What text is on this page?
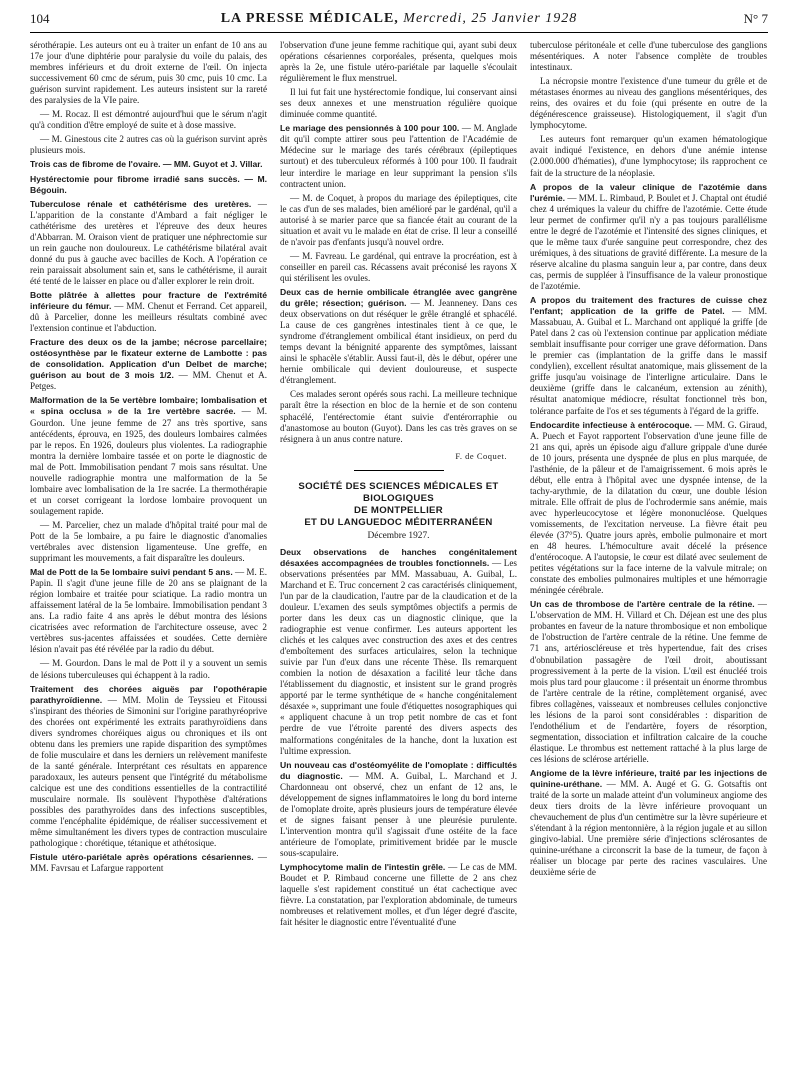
104	LA PRESSE MÉDICALE, Mercredi, 25 Janvier 1928	N° 7

sérothérapie. Les auteurs ont eu à traiter un enfant de 10 ans au 17e jour d'une diphtérie pour paralysie du voile du palais, des membres inférieurs et du droit externe de l'œil. On injecta successivement 60 cmc de sérum, puis 30 cmc, puis 10 cmc. La guérison survint rapidement. Les auteurs insistent sur la rareté des paralysies de la VIe paire.

— M. Rocaz. Il est démontré aujourd'hui que le sérum n'agit qu'à condition d'être employé de suite et à dose massive.

— M. Ginestous cite 2 autres cas où la guérison survint après plusieurs mois.

Trois cas de fibrome de l'ovaire. — MM. Guyot et J. Villar.

Hystérectomie pour fibrome irradié sans succès. — M. Bégouin.

Tuberculose rénale et cathétérisme des uretères. — L'apparition de la constante d'Ambard a fait négliger le cathétérisme des uretères et l'épreuve des deux heures d'Abbarran. M. Oraison vient de pratiquer une néphrectomie sur un rein gauche non douloureux. Le cathétérisme bilatéral avait donné du pus à gauche avec bacilles de Koch. A l'opération ce rein paraissait absolument sain et, sans le cathétérisme, il aurait été tenté de le laisser en place ou d'aller explorer le rein droit.

Botte plâtrée à allettes pour fracture de l'extrémité inférieure du fémur. — MM. Chenut et Ferrand. Cet appareil, dû à Parcelier, donne les meilleurs résultats combiné avec l'extension continue et l'abduction.

Fracture des deux os de la jambe; nécrose parcellaire; ostéosynthèse par le fixateur externe de Lambotte : pas de consolidation. Application d'un Delbet de marche; guérison au bout de 3 mois 1/2. — MM. Chenut et A. Petges.

Malformation de la 5e vertèbre lombaire; lombalisation et « spina occlusa » de la 1re vertèbre sacrée. — M. Gourdon. Une jeune femme de 27 ans très sportive, sans antécédents, éprouva, en 1925, des douleurs lombaires calmées par le repos. En 1926, douleurs plus violentes. La radiographie montra la dernière lombaire tassée et on porte le diagnostic de mal de Pott. Immobilisation pendant 7 mois sans résultat. Une nouvelle radiographie montra une malformation de la 5e lombaire avec lombalisation de la 1re sacrée. La thermothérapie et un corset corrigeant la lordose lombaire provoquent un soulagement rapide.

— M. Parcelier, chez un malade d'hôpital traité pour mal de Pott de la 5e lombaire, a pu faire le diagnostic d'anomalies vertébrales avec distension ligamenteuse. Une greffe, en supprimant les mouvements, a fait disparaître les douleurs.

Mal de Pott de la 5e lombaire suivi pendant 5 ans. — M. E. Papin. Il s'agit d'une jeune fille de 20 ans se plaignant de la région lombaire et traitée pour sciatique. La radio montra un affaissement latéral de la 5e lombaire. Immobilisation pendant 3 ans. La radio faite 4 ans après le début montra des lésions cicatrisées avec reformation de l'architecture osseuse, avec 2 vertèbres sus-jacentes affaissées et soudées. Cette dernière lésion n'avait pas été révélée par la radio du début.

— M. Gourdon. Dans le mal de Pott il y a souvent un semis de lésions tuberculeuses qui échappent à la radio.

Traitement des chorées aiguës par l'opothérapie parathyroïdienne. — MM. Molin de Teyssieu et Fitoussi s'inspirant des théories de Simonini sur l'origine parathyréoprive des chorées ont expérimenté les extraits parathyroïdiens dans divers syndromes choréiques aigus ou chroniques et ils ont obtenu dans les premiers une rapide disparition des symptômes de folie musculaire et dans les derniers un relèvement manifeste de la santé générale. Interprétant ces résultats en apparence paradoxaux, les auteurs pensent que l'intégrité du métabolisme calcique est une des conditions essentielles de la contractilité musculaire normale. Ils soulèvent l'hypothèse d'altérations possibles des parathyroïdes dans des infections susceptibles, comme l'encéphalite épidémique, de réaliser successivement et même simultanément les divers types de contraction musculaire pathologique : chorétique, tétanique et athétosique.

Fistule utéro-pariétale après opérations césariennes. — MM. Favrsau et Lafargue rapportent

l'observation d'une jeune femme rachitique qui, ayant subi deux opérations césariennes corporéales, présenta, quelques mois après la 2e, une fistule utéro-pariétale par laquelle s'écoulait régulièrement le flux menstruel.

Il lui fut fait une hystérectomie fondique, lui conservant ainsi ses deux annexes et une menstruation régulière quoique diminuée comme quantité.

Le mariage des pensionnés à 100 pour 100. — M. Anglade dit qu'il compte attirer sous peu l'attention de l'Académie de Médecine sur le mariage des tarés cérébraux (épileptiques surtout) et des tuberculeux réformés à 100 pour 100. Il faudrait leur interdire le mariage en leur supprimant la pension s'ils contractent union.

— M. de Coquet, à propos du mariage des épileptiques, cite le cas d'un de ses malades, bien amélioré par le gardénal, qu'il a autorisé à se marier parce que sa fiancée était au courant de la situation et avait vu le malade en état de crise. Il leur a conseillé de n'avoir pas d'enfants jusqu'à nouvel ordre.

— M. Favreau. Le gardénal, qui entrave la procréation, est à conseiller en pareil cas. Récassens avait préconisé les rayons X qui stérilisent les ovules.

Deux cas de hernie ombilicale étranglée avec gangrène du grêle; résection; guérison. — M. Jeanneney. Dans ces deux observations on dut réséquer le grêle étranglé et sphacélé. La cause de ces gangrènes intestinales tient à ce que, le syndrome d'étranglement ombilical étant insidieux, on perd du temps devant la bénignité apparente des symptômes, laissant ainsi le sphacèle s'établir. Aussi faut-il, dès le début, opérer une hernie ombilicale qui devient douloureuse, et suspecte d'étranglement.

Ces malades seront opérés sous rachi. La meilleure technique paraît être la résection en bloc de la hernie et de son contenu sphacélé, l'entérectomie étant suivie d'entérorraphie ou d'anastomose au bouton (Guyot). Dans les cas très graves on se résignera à un anus contre nature.

F. de Coquet.
SOCIÉTÉ DES SCIENCES MÉDICALES ET BIOLOGIQUES
DE MONTPELLIER
ET DU LANGUEDOC MÉDITERRANÉEN
Décembre 1927.

Deux observations de hanches congénitalement désaxées accompagnées de troubles fonctionnels. — Les observations présentées par MM. Massabuau, A. Guibal, L. Marchand et E. Truc concernent 2 cas caractérisés cliniquement, l'un par de la claudication, l'autre par de la claudication et de la douleur. L'examen des seuls symptômes objectifs a permis de porter dans les deux cas un diagnostic clinique, que la radiographie est venue confirmer. Les auteurs apportent les clichés et les calques avec construction des axes et des centres d'emboîtement des surfaces articulaires, selon la technique suivie par l'un d'eux dans une récente Thèse. Ils remarquent combien la notion de désaxation a facilité leur tâche dans l'établissement du diagnostic, et insistent sur le grand progrès apporté par le terme synthétique de « hanche congénitalement désaxée », supprimant une foule d'étiquettes nosographiques qui « appliquent chacune à un trop petit nombre de cas et font perdre de vue l'étroite parenté des divers aspects des malformations congénitales de la hanche, dont la luxation est l'ultime expression.

Un nouveau cas d'ostéomyélite de l'omoplate : difficultés du diagnostic. — MM. A. Guibal, L. Marchand et J. Chardonneau ont observé, chez un enfant de 12 ans, le développement de signes inflammatoires le long du bord interne de l'omoplate droite, après plusieurs jours de température élevée et de signes faisant penser à une pleurésie purulente. L'intervention montra qu'il s'agissait d'une ostéite de la face antérieure de l'omoplate, primitivement bridée par le muscle sous-scapulaire.

Lymphocytome malin de l'intestin grêle. — Le cas de MM. Boudet et P. Rimbaud concerne une fillette de 2 ans chez laquelle s'est rapidement constitué un état cachectique avec fièvre. La constatation, par l'exploration abdominale, de tumeurs nombreuses et relativement molles, et d'un léger degré d'ascite, fait hésiter le diagnostic entre l'éventualité d'une

tuberculose péritonéale et celle d'une tuberculose des ganglions mésentériques. A noter l'absence complète de troubles intestinaux.

La nécropsie montre l'existence d'une tumeur du grêle et de métastases énormes au niveau des ganglions mésentériques, des reins, des ovaires et du foie (qui présente en outre de la dégénérescence graisseuse). Histologiquement, il s'agit d'un lymphocytome.

Les auteurs font remarquer qu'un examen hématologique avait indiqué l'existence, en dehors d'une anémie intense (2.000.000 d'hématies), d'une lymphocytose; ils rapprochent ce fait de la structure de la néoplasie.

A propos de la valeur clinique de l'azotémie dans l'urémie. — MM. L. Rimbaud, P. Boulet et J. Chaptal ont étudié chez 4 urémiques la valeur du chiffre de l'azotémie. Cette étude leur permet de confirmer qu'il n'y a pas toujours parallélisme entre le degré de l'azotémie et l'intensité des signes cliniques, et que le même taux d'urée sanguine peut correspondre, chez des urémiques, à des situations de gravité différente. La mesure de la réserve alcaline du plasma sanguin leur a, par contre, dans deux cas, permis de suppléer à l'insuffisance de la valeur pronostique de l'azotémie.

A propos du traitement des fractures de cuisse chez l'enfant; application de la griffe de Patel. — MM. Massabuau, A. Guibal et L. Marchand ont appliqué la griffe [de Patel dans 2 cas où l'extension continue par application médiate semblait insuffisante pour corriger une grave déformation. Dans le premier cas (implantation de la griffe dans le massif condylien), excellent résultat anatomique, mais glissement de la griffe jusqu'au voisinage de l'interligne articulaire. Dans le deuxième (griffe dans le calcanéum, extension au zénith), résultat anatomique médiocre, résultat fonctionnel très bon, tolérance parfaite de l'os et ses téguments à l'égard de la griffe.

Endocardite infectieuse à entérocoque. — MM. G. Giraud, A. Puech et Fayot rapportent l'observation d'une jeune fille de 21 ans qui, après un épisode aigu d'allure grippale d'une durée de 10 jours, présenta une dyspnée de plus en plus marquée, de l'asthénie, de la pâleur et de l'amaigrissement. 6 mois après le début, elle entra à l'hôpital avec une dyspnée intense, de la tachy-arythmie, de la dilatation du cœur, une double lésion mitrale. Elle offrait de plus de l'ochrodermie sans anémie, mais avec hyperleucocytose et légère mononucléose. Quelques vomissements, de l'excitation nerveuse. La fièvre était peu élevée (37°5). Quatre jours après, embolie pulmonaire et mort en 48 heures. L'hémoculture avait décelé la présence d'entérocoque. A l'autopsie, le cœur est dilaté avec seulement de petites végétations sur la face interne de la valvule mitrale; on constate des embolies pulmonaires multiples et une hémorragie méningée cérébrale.

Un cas de thrombose de l'artère centrale de la rétine. — L'observation de MM. H. Villard et Ch. Déjean est une des plus probantes en faveur de la nature thrombosique et non embolique de l'obstruction de l'artère centrale de la rétine. Une femme de 71 ans, artérioscléreuse et très hypertendue, fait des crises d'obnubilation passagère de l'œil droit, aboutissant progressivement à la perte de la vision. L'œil est énucléé trois mois plus tard pour glaucome : il présentait un énorme thrombus de l'artère centrale de la rétine, complètement organisé, avec fibres collagènes, vaisseaux et nombreuses cellules conjonctive les lésions de la paroi sont considérables : disparition de l'endothélium et de l'endartère, foyers de résorption, segmentation, dissociation et infiltration calcaire de la couche élastique. Le thrombus est nettement rattaché à la plus large de ces lésions de sclérose artérielle.

Angiome de la lèvre inférieure, traité par les injections de quinine-uréthane. — MM. A. Augé et G. G. Gotsaftis ont traité de la sorte un malade atteint d'un volumineux angiome des deux tiers droits de la lèvre inférieure provoquant un chevauchement de plus d'un centimètre sur la lèvre supérieure et s'étendant à la région mentonnière, à la région jugale et au sillon gingivo-labial. Une première série d'injections sclérosantes de quinine-uréthane a circonscrit la base de la tumeur, de façon à réaliser un blocage par perte des racines vasculaires. Une deuxième série de
